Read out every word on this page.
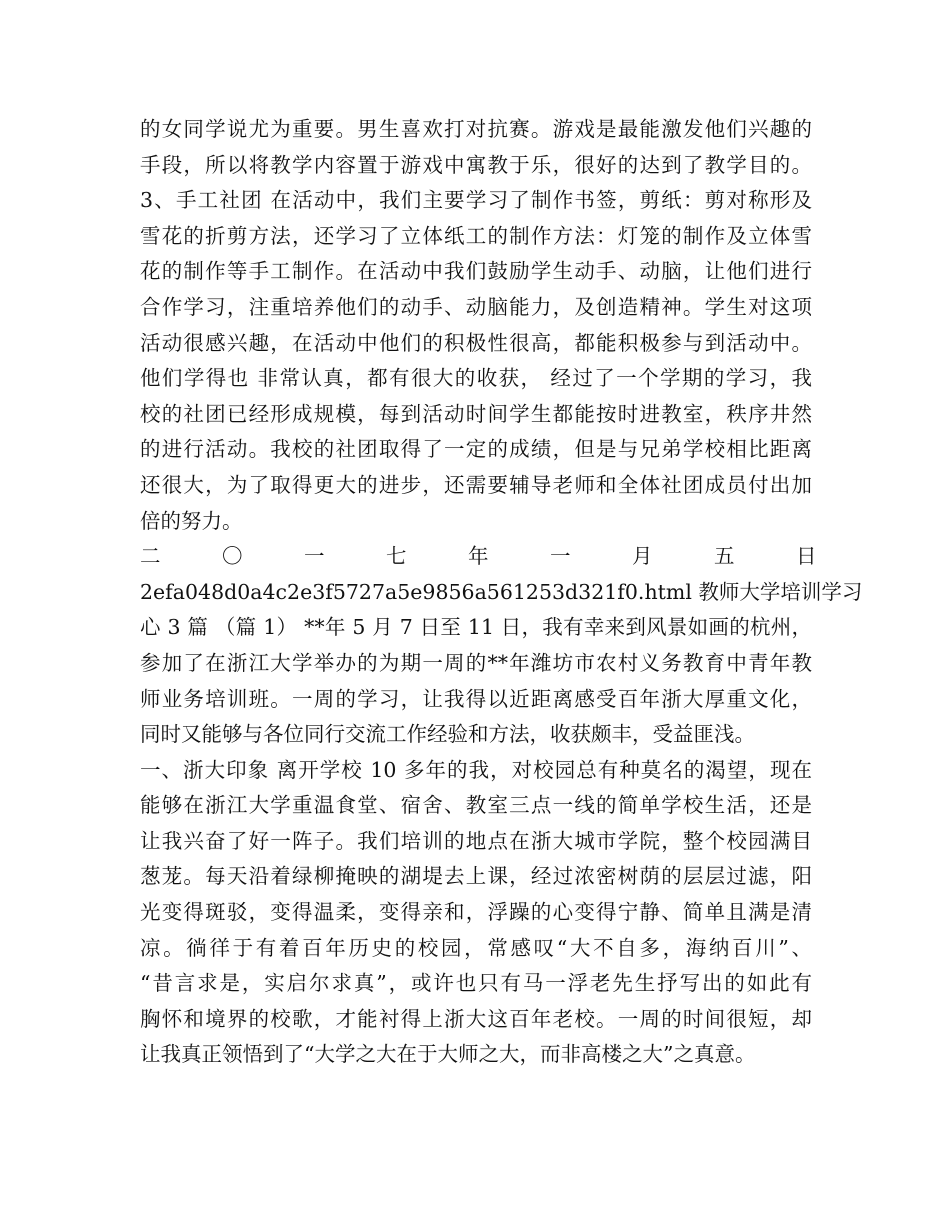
的女同学说尤为重要。男生喜欢打对抗赛。游戏是最能激发他们兴趣的
手段，所以将教学内容置于游戏中寓教于乐，很好的达到了教学目的。
3、手工社团 在活动中，我们主要学习了制作书签，剪纸：剪对称形及
雪花的折剪方法，还学习了立体纸工的制作方法：灯笼的制作及立体雪
花的制作等手工制作。在活动中我们鼓励学生动手、动脑，让他们进行
合作学习，注重培养他们的动手、动脑能力，及创造精神。学生对这项
活动很感兴趣，在活动中他们的积极性很高，都能积极参与到活动中。
他们学得也 非常认真，都有很大的收获， 经过了一个学期的学习，我
校的社团已经形成规模，每到活动时间学生都能按时进教室，秩序井然
的进行活动。我校的社团取得了一定的成绩，但是与兄弟学校相比距离
还很大，为了取得更大的进步，还需要辅导老师和全体社团成员付出加
倍的努力。
二　　　〇　　　一　　　七　　　年　　　一　　　月　　　五　　　日
2efa048d0a4c2e3f5727a5e9856a561253d321f0.html 教师大学培训学习
心 3 篇 （篇 1） **年 5 月 7 日至 11 日，我有幸来到风景如画的杭州，
参加了在浙江大学举办的为期一周的**年潍坊市农村义务教育中青年教
师业务培训班。一周的学习，让我得以近距离感受百年浙大厚重文化，
同时又能够与各位同行交流工作经验和方法，收获颇丰，受益匪浅。
一、浙大印象 离开学校 10 多年的我，对校园总有种莫名的渴望，现在
能够在浙江大学重温食堂、宿舍、教室三点一线的简单学校生活，还是
让我兴奋了好一阵子。我们培训的地点在浙大城市学院，整个校园满目
葱茏。每天沿着绿柳掩映的湖堤去上课，经过浓密树荫的层层过滤，阳
光变得斑驳，变得温柔，变得亲和，浮躁的心变得宁静、简单且满是清
凉。徜徉于有着百年历史的校园，常感叹“大不自多，海纳百川”、
“昔言求是，实启尔求真”，或许也只有马一浮老先生抒写出的如此有
胸怀和境界的校歌，才能衬得上浙大这百年老校。一周的时间很短，却
让我真正领悟到了“大学之大在于大师之大，而非高楼之大”之真意。
